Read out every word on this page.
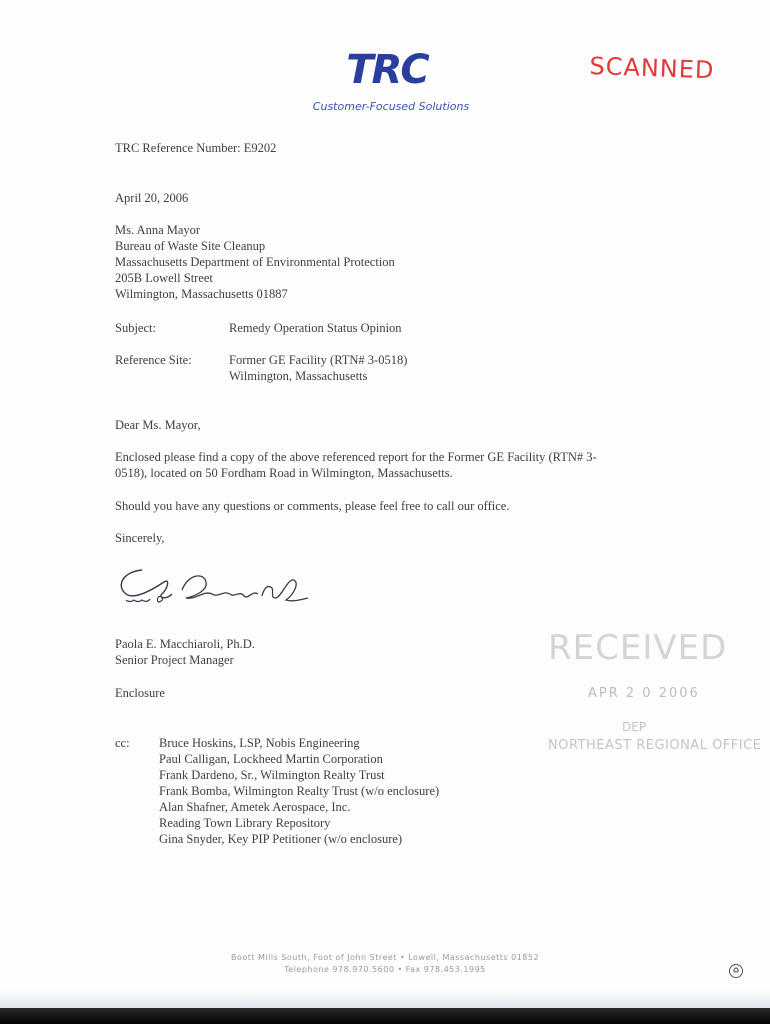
TRC
Customer-Focused Solutions
SCANNED
TRC Reference Number: E9202
April 20, 2006
Ms. Anna Mayor
Bureau of Waste Site Cleanup
Massachusetts Department of Environmental Protection
205B Lowell Street
Wilmington, Massachusetts 01887
Subject:	Remedy Operation Status Opinion
Reference Site:	Former GE Facility (RTN# 3-0518)
Wilmington, Massachusetts
Dear Ms. Mayor,
Enclosed please find a copy of the above referenced report for the Former GE Facility (RTN# 3-
0518), located on 50 Fordham Road in Wilmington, Massachusetts.
Should you have any questions or comments, please feel free to call our office.
Sincerely,
Paola E. Macchiaroli, Ph.D.
Senior Project Manager
Enclosure
cc: Bruce Hoskins, LSP, Nobis Engineering
Paul Calligan, Lockheed Martin Corporation
Frank Dardeno, Sr., Wilmington Realty Trust
Frank Bomba, Wilmington Realty Trust (w/o enclosure)
Alan Shafner, Ametek Aerospace, Inc.
Reading Town Library Repository
Gina Snyder, Key PIP Petitioner (w/o enclosure)
RECEIVED
APR 2 0 2006
DEP
NORTHEAST REGIONAL OFFICE
Boott Mills South, Foot of John Street • Lowell, Massachusetts 01852
Telephone 978.970.5600 • Fax 978.453.1995	♻
